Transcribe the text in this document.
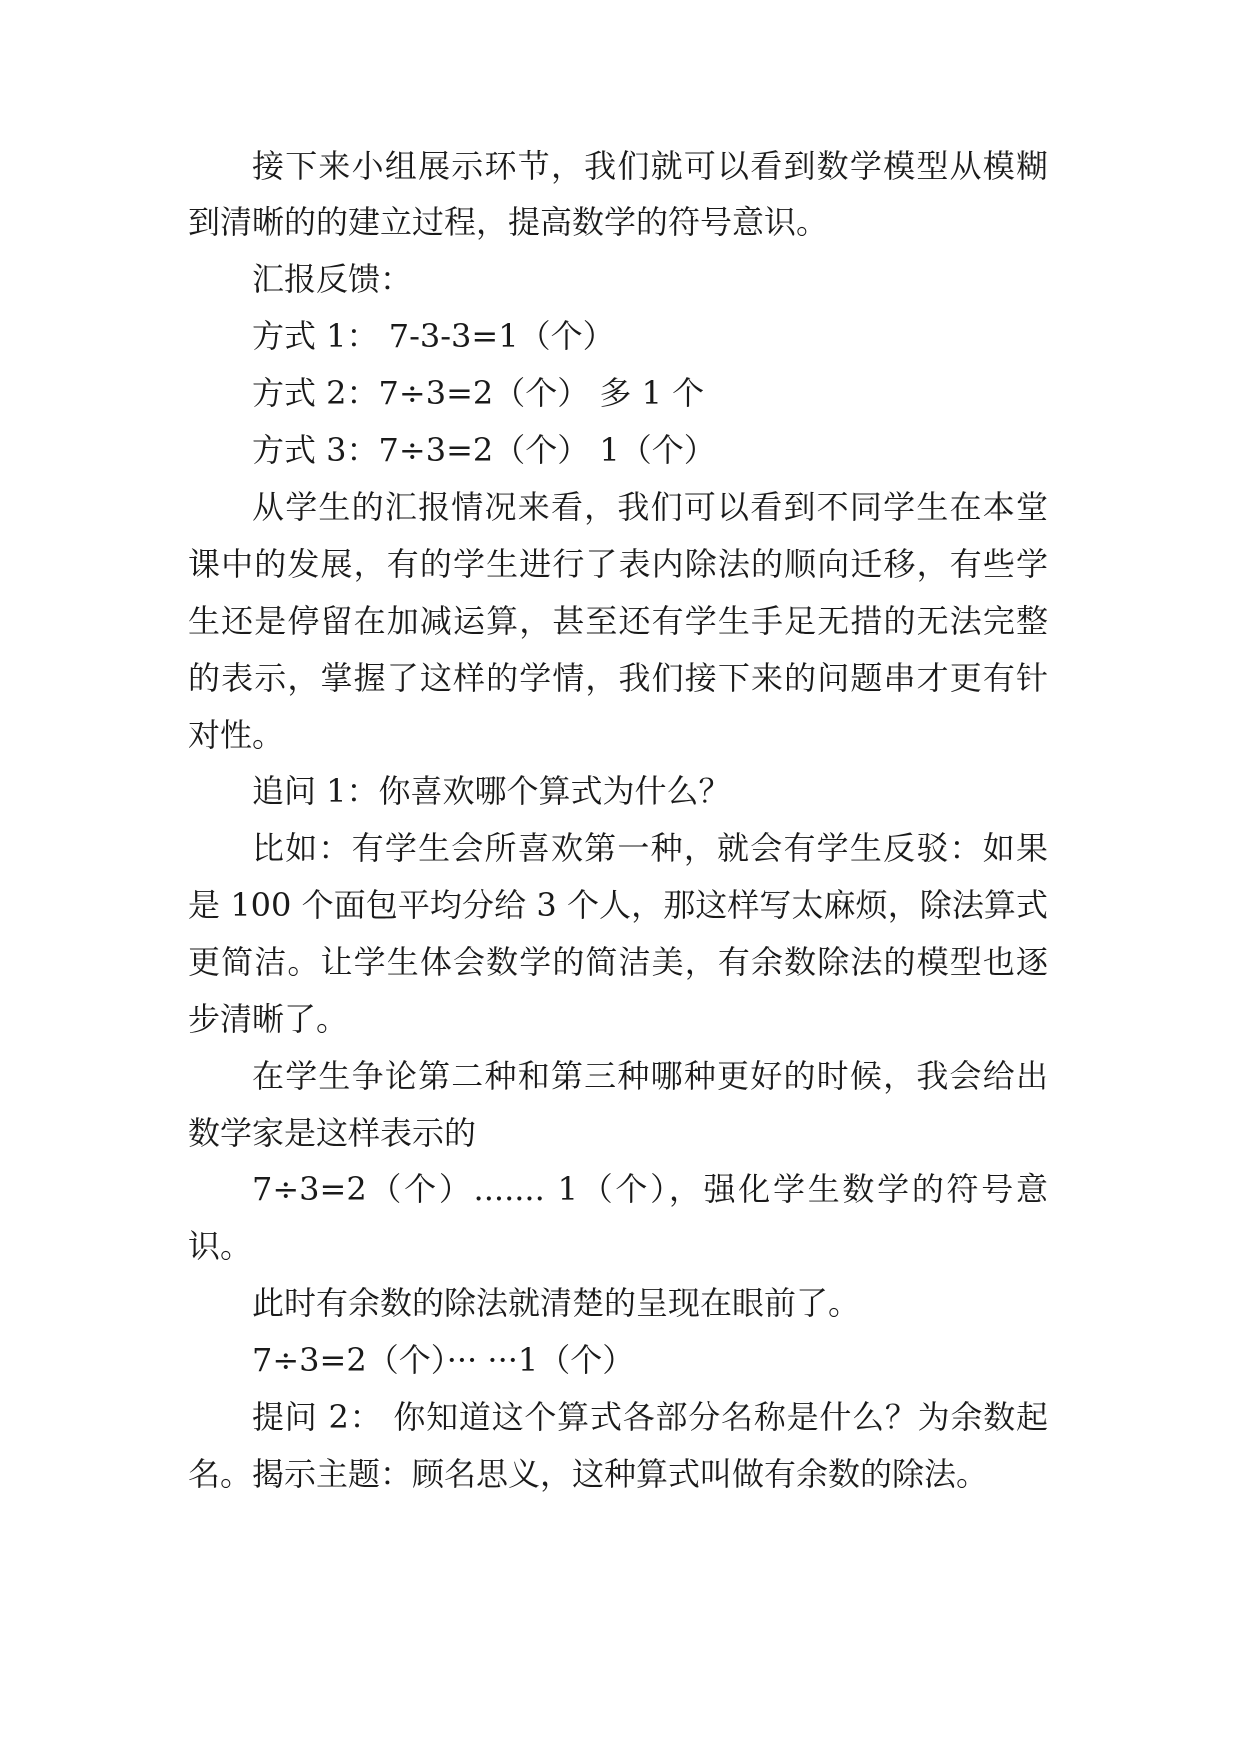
接下来小组展示环节，我们就可以看到数学模型从模糊
到清晰的的建立过程，提高数学的符号意识。
汇报反馈：
方式 1： 7-3-3=1（个）
方式 2：7÷3=2（个） 多 1 个
方式 3：7÷3=2（个） 1（个）
从学生的汇报情况来看，我们可以看到不同学生在本堂
课中的发展，有的学生进行了表内除法的顺向迁移，有些学
生还是停留在加减运算，甚至还有学生手足无措的无法完整
的表示，掌握了这样的学情，我们接下来的问题串才更有针
对性。
追问 1：你喜欢哪个算式为什么？
比如：有学生会所喜欢第一种，就会有学生反驳：如果
是 100 个面包平均分给 3 个人，那这样写太麻烦，除法算式
更简洁。让学生体会数学的简洁美，有余数除法的模型也逐
步清晰了。
在学生争论第二种和第三种哪种更好的时候，我会给出
数学家是这样表示的
7÷3=2（个）....... 1（个），强化学生数学的符号意
识。
此时有余数的除法就清楚的呈现在眼前了。
7÷3=2（个）··· ···1（个）
提问 2： 你知道这个算式各部分名称是什么？为余数起
名。揭示主题：顾名思义，这种算式叫做有余数的除法。
